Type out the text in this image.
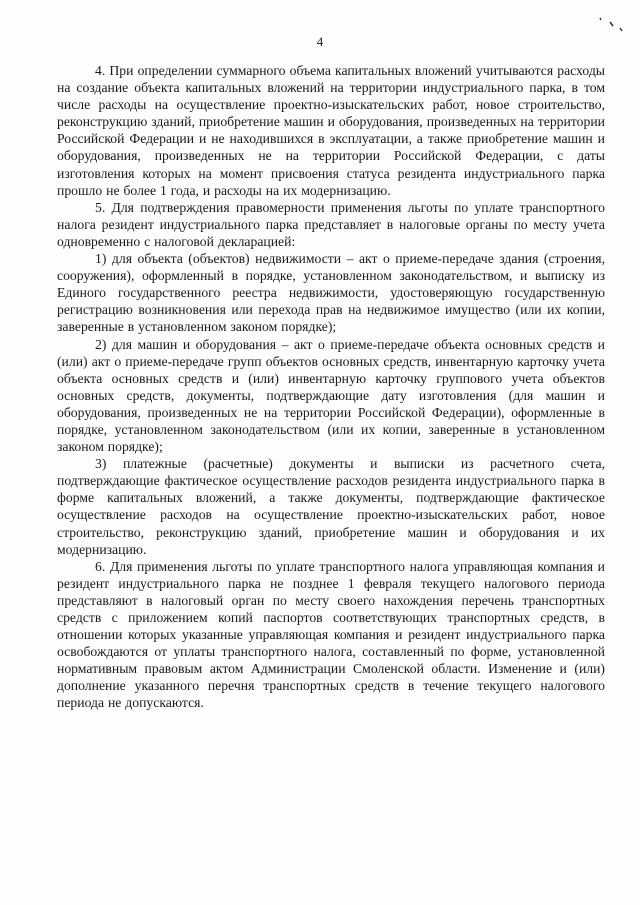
4

4. При определении суммарного объема капитальных вложений учитываются расходы на создание объекта капитальных вложений на территории индустриального парка, в том числе расходы на осуществление проектно-изыскательских работ, новое строительство, реконструкцию зданий, приобретение машин и оборудования, произведенных на территории Российской Федерации и не находившихся в эксплуатации, а также приобретение машин и оборудования, произведенных не на территории Российской Федерации, с даты изготовления которых на момент присвоения статуса резидента индустриального парка прошло не более 1 года, и расходы на их модернизацию.

5. Для подтверждения правомерности применения льготы по уплате транспортного налога резидент индустриального парка представляет в налоговые органы по месту учета одновременно с налоговой декларацией:

1) для объекта (объектов) недвижимости – акт о приеме-передаче здания (строения, сооружения), оформленный в порядке, установленном законодательством, и выписку из Единого государственного реестра недвижимости, удостоверяющую государственную регистрацию возникновения или перехода прав на недвижимое имущество (или их копии, заверенные в установленном законом порядке);

2) для машин и оборудования – акт о приеме-передаче объекта основных средств и (или) акт о приеме-передаче групп объектов основных средств, инвентарную карточку учета объекта основных средств и (или) инвентарную карточку группового учета объектов основных средств, документы, подтверждающие дату изготовления (для машин и оборудования, произведенных не на территории Российской Федерации), оформленные в порядке, установленном законодательством (или их копии, заверенные в установленном законом порядке);

3) платежные (расчетные) документы и выписки из расчетного счета, подтверждающие фактическое осуществление расходов резидента индустриального парка в форме капитальных вложений, а также документы, подтверждающие фактическое осуществление расходов на осуществление проектно-изыскательских работ, новое строительство, реконструкцию зданий, приобретение машин и оборудования и их модернизацию.

6. Для применения льготы по уплате транспортного налога управляющая компания и резидент индустриального парка не позднее 1 февраля текущего налогового периода представляют в налоговый орган по месту своего нахождения перечень транспортных средств с приложением копий паспортов соответствующих транспортных средств, в отношении которых указанные управляющая компания и резидент индустриального парка освобождаются от уплаты транспортного налога, составленный по форме, установленной нормативным правовым актом Администрации Смоленской области. Изменение и (или) дополнение указанного перечня транспортных средств в течение текущего налогового периода не допускаются.
